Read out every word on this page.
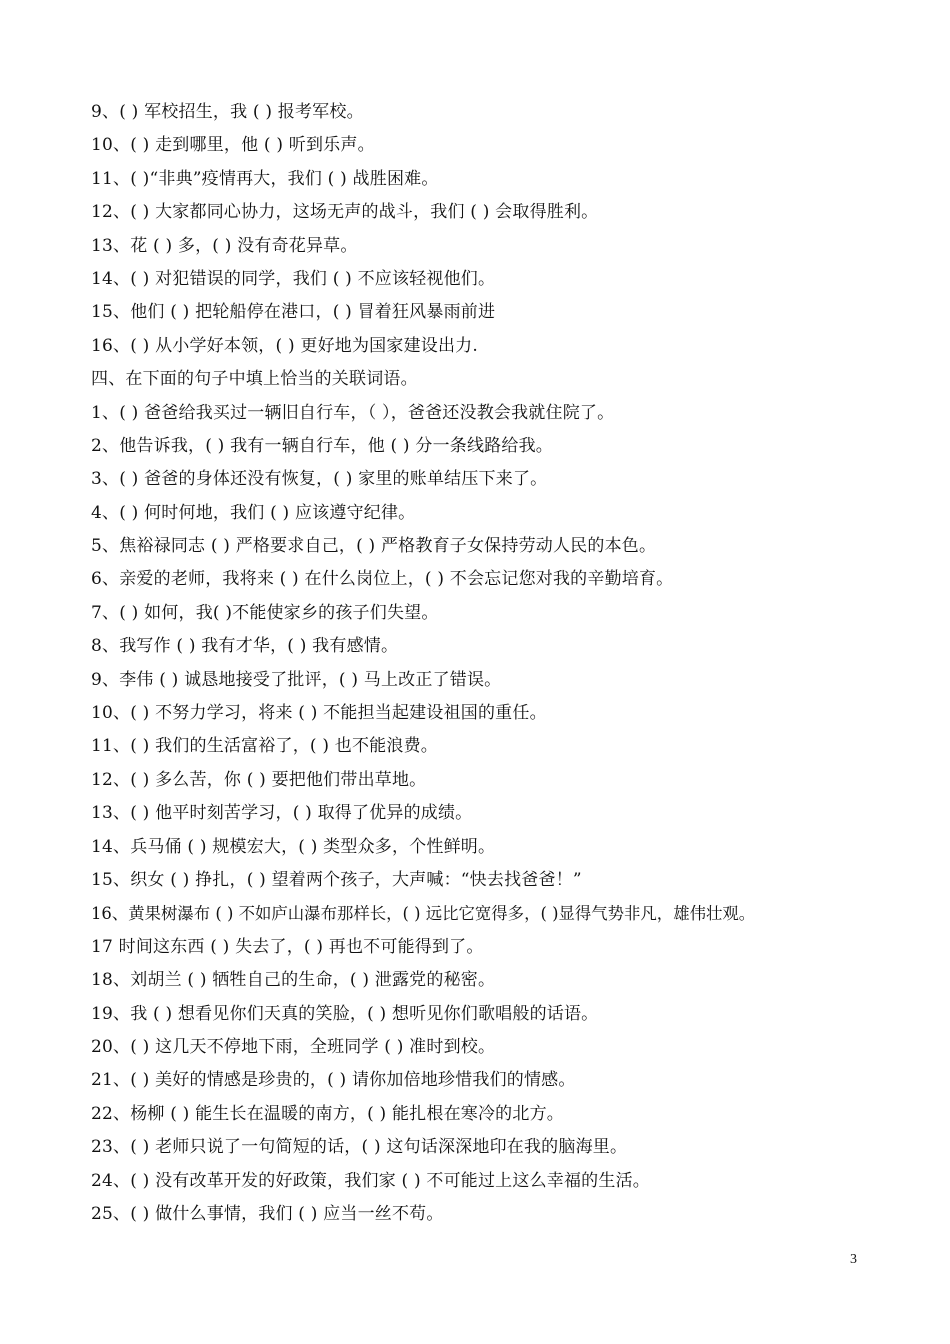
9、( ) 军校招生，我 ( ) 报考军校。
10、( ) 走到哪里，他 ( ) 听到乐声。
11、( )“非典”疫情再大，我们 ( ) 战胜困难。
12、( ) 大家都同心协力，这场无声的战斗，我们 ( ) 会取得胜利。
13、花 ( ) 多，( ) 没有奇花异草。
14、( ) 对犯错误的同学，我们 ( ) 不应该轻视他们。
15、他们 ( ) 把轮船停在港口，( ) 冒着狂风暴雨前进
16、( ) 从小学好本领，( ) 更好地为国家建设出力.
四、在下面的句子中填上恰当的关联词语。
1、( ) 爸爸给我买过一辆旧自行车，（ ），爸爸还没教会我就住院了。
2、他告诉我，( ) 我有一辆自行车，他 ( ) 分一条线路给我。
3、( ) 爸爸的身体还没有恢复，( ) 家里的账单结压下来了。
4、( ) 何时何地，我们 ( ) 应该遵守纪律。
5、焦裕禄同志 ( ) 严格要求自己，( ) 严格教育子女保持劳动人民的本色。
6、亲爱的老师，我将来 ( ) 在什么岗位上，( ) 不会忘记您对我的辛勤培育。
7、( ) 如何，我( )不能使家乡的孩子们失望。
8、我写作 ( ) 我有才华，( ) 我有感情。
9、李伟 ( ) 诚恳地接受了批评，( ) 马上改正了错误。
10、( ) 不努力学习，将来 ( ) 不能担当起建设祖国的重任。
11、( ) 我们的生活富裕了，( ) 也不能浪费。
12、( ) 多么苦，你 ( ) 要把他们带出草地。
13、( ) 他平时刻苦学习，( ) 取得了优异的成绩。
14、兵马俑 ( ) 规模宏大，( ) 类型众多，个性鲜明。
15、织女 ( ) 挣扎，( ) 望着两个孩子，大声喊：“快去找爸爸！”
16、黄果树瀑布 ( ) 不如庐山瀑布那样长，( ) 远比它宽得多，( )显得气势非凡，雄伟壮观。
17 时间这东西 ( ) 失去了，( ) 再也不可能得到了。
18、刘胡兰 ( ) 牺牲自己的生命，( ) 泄露党的秘密。
19、我 ( ) 想看见你们天真的笑脸，( ) 想听见你们歌唱般的话语。
20、( ) 这几天不停地下雨，全班同学 ( ) 准时到校。
21、( ) 美好的情感是珍贵的，( ) 请你加倍地珍惜我们的情感。
22、杨柳 ( ) 能生长在温暖的南方，( ) 能扎根在寒冷的北方。
23、( ) 老师只说了一句简短的话，( ) 这句话深深地印在我的脑海里。
24、( ) 没有改革开发的好政策，我们家 ( ) 不可能过上这么幸福的生活。
25、( ) 做什么事情，我们 ( ) 应当一丝不苟。
3
